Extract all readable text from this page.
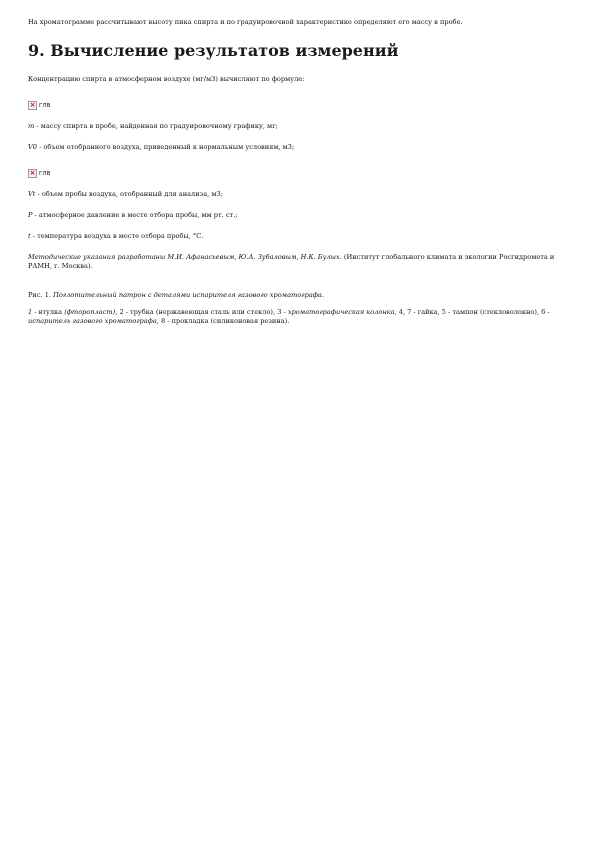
На хроматограмме рассчитывают высоту пика спирта и по градуировочной характеристике определяют его массу в пробе.

9. Вычисление результатов измерений

Концентрацию спирта в атмосферном воздухе (мг/м3) вычисляют по формуле:

× ГЛВ

m - массу спирта в пробе, найденная по градуировочному графику, мг;

V0 - объем отобранного воздуха, приведенный к нормальным условиям, м3;

× ГЛВ

Vt - объем пробы воздуха, отобранный для анализа, м3;

P - атмосферное давление в месте отбора пробы, мм рт. ст.;

t - температура воздуха в месте отбора пробы, °С.

Методические указания разработаны М.И. Афанасьевым, Ю.А. Зубаловым, Н.К. Булых. (Институт глобального климата и экологии Росгидромета и РАМН, г. Москва).

Рис. 1. Поглотительный патрон с деталями испарителя газового хроматографа.

1 - втулка (фторопласт), 2 - трубка (нержавеющая сталь или стекло), 3 - хроматографическая колонка, 4, 7 - гайка, 5 - тампон (стекловолокно), 6 - испаритель газового хроматографа, 8 - прокладка (силиконовая резина).
